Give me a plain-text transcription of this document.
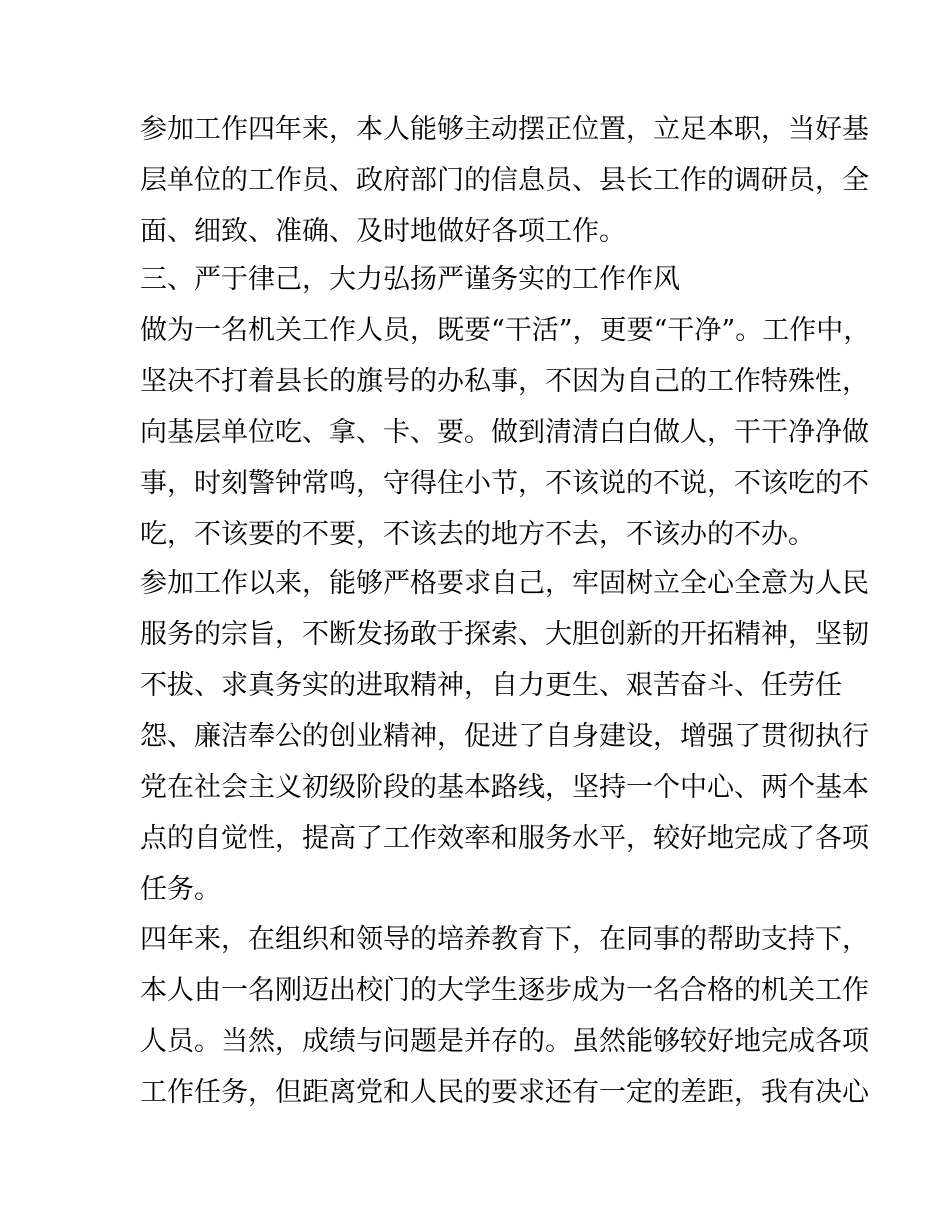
参加工作四年来，本人能够主动摆正位置，立足本职，当好基
层单位的工作员、政府部门的信息员、县长工作的调研员，全
面、细致、准确、及时地做好各项工作。
三、严于律己，大力弘扬严谨务实的工作作风
做为一名机关工作人员，既要“干活”，更要“干净”。工作中，
坚决不打着县长的旗号的办私事，不因为自己的工作特殊性，
向基层单位吃、拿、卡、要。做到清清白白做人，干干净净做
事，时刻警钟常鸣，守得住小节，不该说的不说，不该吃的不
吃，不该要的不要，不该去的地方不去，不该办的不办。
参加工作以来，能够严格要求自己，牢固树立全心全意为人民
服务的宗旨，不断发扬敢于探索、大胆创新的开拓精神，坚韧
不拔、求真务实的进取精神，自力更生、艰苦奋斗、任劳任
怨、廉洁奉公的创业精神，促进了自身建设，增强了贯彻执行
党在社会主义初级阶段的基本路线，坚持一个中心、两个基本
点的自觉性，提高了工作效率和服务水平，较好地完成了各项
任务。
四年来，在组织和领导的培养教育下，在同事的帮助支持下，
本人由一名刚迈出校门的大学生逐步成为一名合格的机关工作
人员。当然，成绩与问题是并存的。虽然能够较好地完成各项
工作任务，但距离党和人民的要求还有一定的差距，我有决心
